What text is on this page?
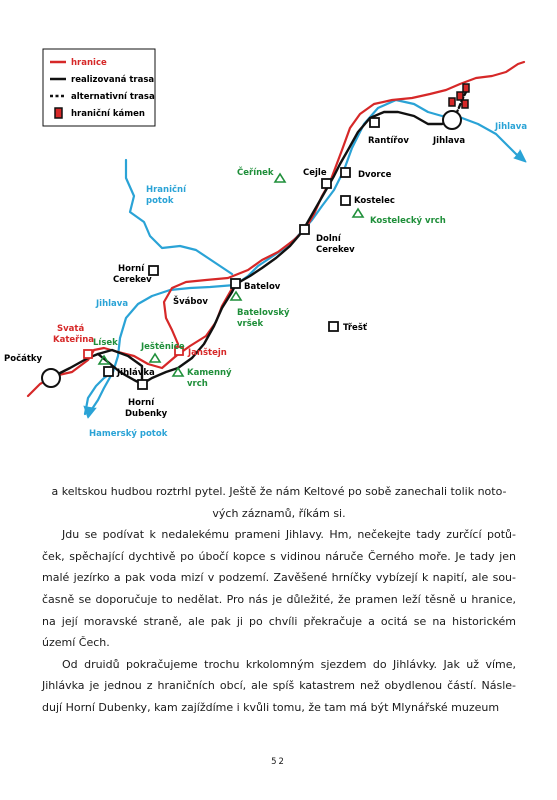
hranice
realizovaná trasa
alternativní trasa
hraniční kámen
Počátky
Svatá
Kateřina
Lísek
Jihlávka
Ještěnice
Janštejn
Kamenný
vrch
Horní
Dubenky
Horní
Cerekev
Švábov
Batelov
Batelovský
vršek	Třešť
Dolní
Cerekev
Kostelec
Kostelecký vrch
Cejle	Dvorce
Čeřínek
Rantířov	Jihlava
Jihlava
Jihlava
Hraniční
potok
Hamerský potok

a keltskou hudbou roztrhl pytel. Ještě že nám Keltové po sobě zanechali tolik noto-
vých záznamů, říkám si.

Jdu se podívat k nedalekému prameni Jihlavy. Hm, nečekejte tady zurčící potů- ček, spěchající dychtivě po úbočí kopce s vidinou náruče Černého moře. Je tady jen malé jezírko a pak voda mizí v podzemí. Zavěšené hrníčky vybízejí k napití, ale sou- časně se doporučuje to nedělat. Pro nás je důležité, že pramen leží těsně u hranice, na její moravské straně, ale pak ji po chvíli překračuje a ocitá se na historickém území Čech.

Od druidů pokračujeme trochu krkolomným sjezdem do Jihlávky. Jak už víme, Jihlávka je jednou z hraničních obcí, ale spíš katastrem než obydlenou částí. Násle- dují Horní Dubenky, kam zajíždíme i kvůli tomu, že tam má být Mlynářské muzeum

52
